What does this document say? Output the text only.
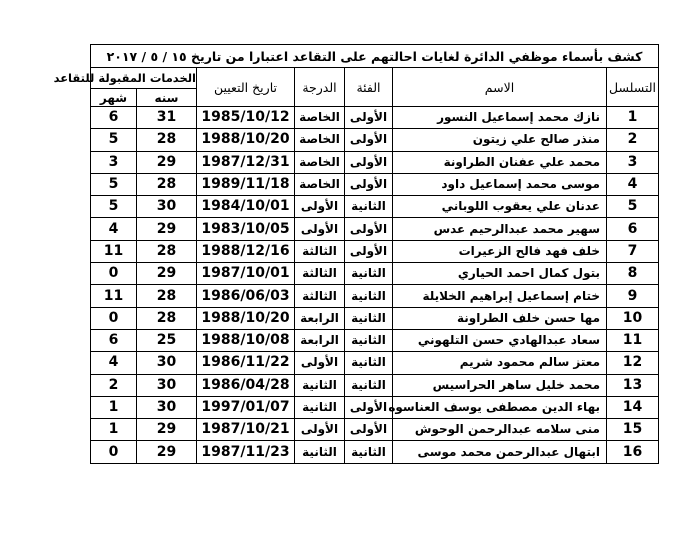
كشف بأسماء موظفي الدائرة لغايات احالتهم على التقاعد اعتبارا من تاريخ ١٥ / ٥ / ٢٠١٧						
الخدمات المقبولة للتقاعد		تاريخ التعيين	الدرجة	الفئة	الاسم	التسلسل
شهر	سنه					
6	31	1985/10/12	الخاصة	الأولى	نازك محمد إسماعيل النسور	1
5	28	1988/10/20	الخاصة	الأولى	منذر صالح علي زيتون	2
3	29	1987/12/31	الخاصة	الأولى	محمد علي عفنان الطراونة	3
5	28	1989/11/18	الخاصة	الأولى	موسى محمد إسماعيل داود	4
5	30	1984/10/01	الأولى	الثانية	عدنان علي يعقوب اللوباني	5
4	29	1983/10/05	الأولى	الأولى	سهير محمد عبدالرحيم عدس	6
11	28	1988/12/16	الثالثة	الأولى	خلف فهد فالح الزعيرات	7
0	29	1987/10/01	الثالثة	الثانية	بتول كمال احمد الحياري	8
11	28	1986/06/03	الثالثة	الثانية	ختام إسماعيل إبراهيم الخلايلة	9
0	28	1988/10/20	الرابعة	الثانية	مها حسن خلف الطراونة	10
6	25	1988/10/08	الرابعة	الثانية	سعاد عبدالهادي حسن التلهوني	11
4	30	1986/11/22	الأولى	الثانية	معتز سالم محمود شريم	12
2	30	1986/04/28	الثانية	الثانية	محمد خليل ساهر الحراسيس	13
1	30	1997/01/07	الثانية	الأولى	بهاء الدين مصطفى يوسف العناسوه	14
1	29	1987/10/21	الأولى	الأولى	منى سلامه عبدالرحمن الوحوش	15
0	29	1987/11/23	الثانية	الثانية	ابتهال عبدالرحمن محمد موسى	16
